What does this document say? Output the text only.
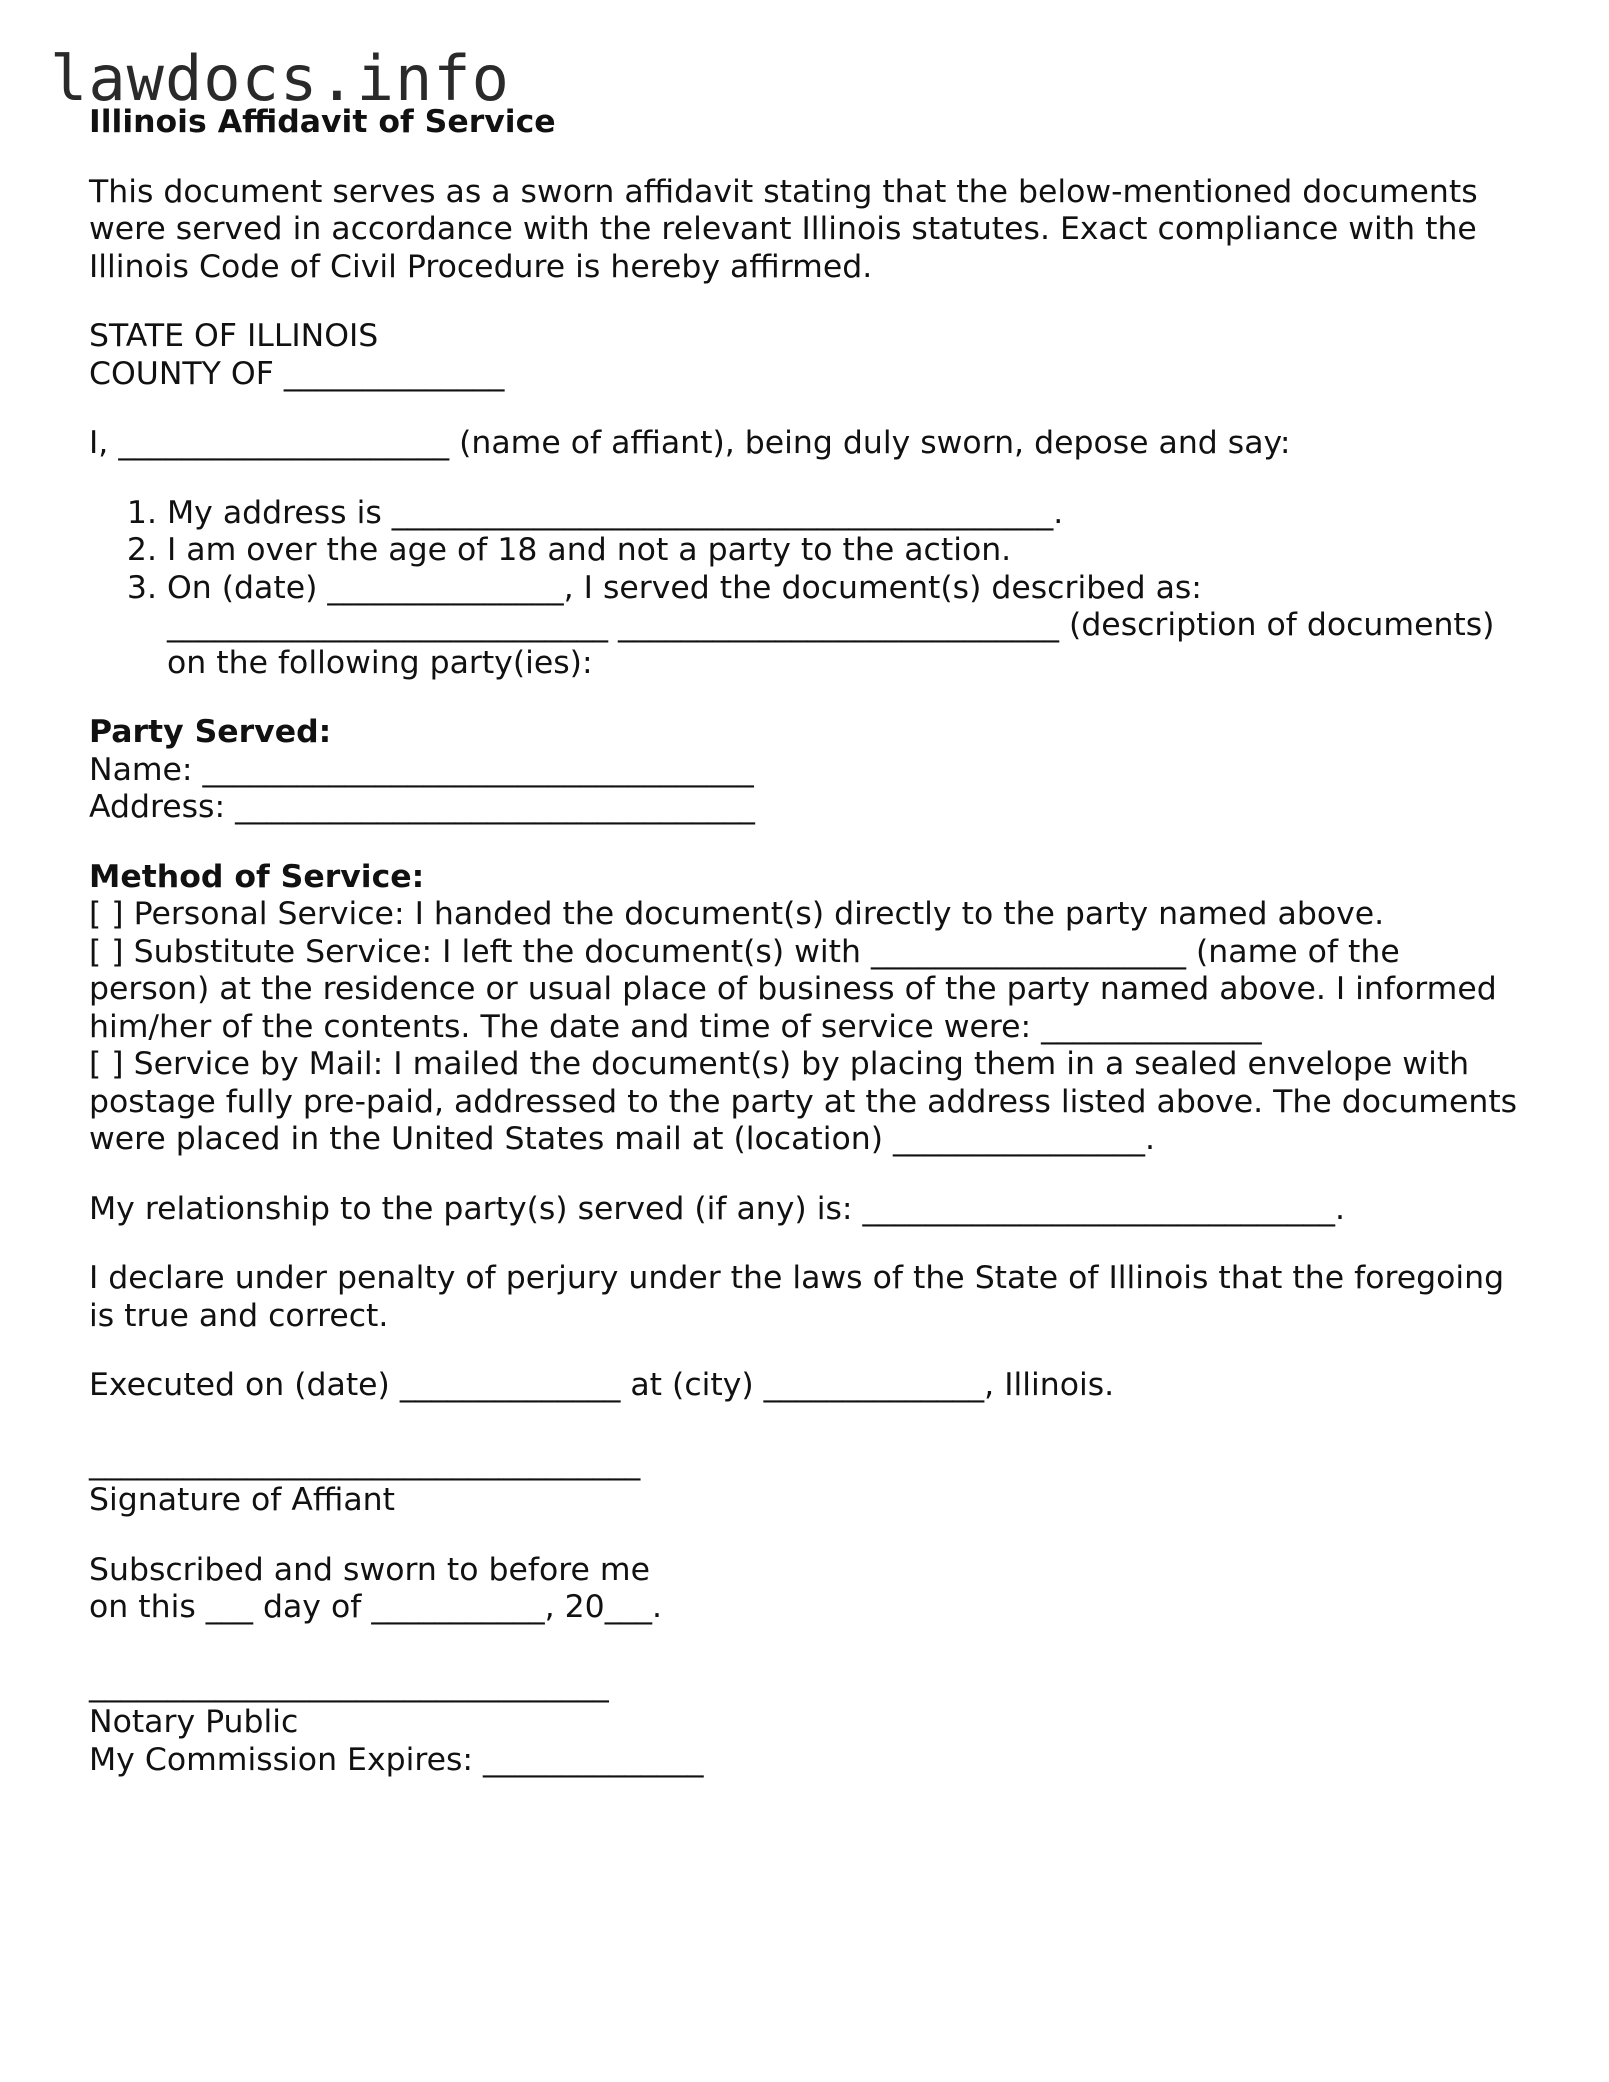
lawdocs.info
Illinois Affidavit of Service

This document serves as a sworn affidavit stating that the below-mentioned documents were served in accordance with the relevant Illinois statutes. Exact compliance with the Illinois Code of Civil Procedure is hereby affirmed.

STATE OF ILLINOIS
COUNTY OF ______________

I, _____________________ (name of affiant), being duly sworn, depose and say:

1. My address is __________________________________________.
2. I am over the age of 18 and not a party to the action.
3. On (date) _______________, I served the document(s) described as: ____________________________ ____________________________ (description of documents) on the following party(ies):

Party Served:
Name: ___________________________________
Address: _________________________________

Method of Service:
[ ] Personal Service: I handed the document(s) directly to the party named above.
[ ] Substitute Service: I left the document(s) with ____________________ (name of the person) at the residence or usual place of business of the party named above. I informed him/her of the contents. The date and time of service were: ______________
[ ] Service by Mail: I mailed the document(s) by placing them in a sealed envelope with postage fully pre-paid, addressed to the party at the address listed above. The documents were placed in the United States mail at (location) ________________.

My relationship to the party(s) served (if any) is: ______________________________.

I declare under penalty of perjury under the laws of the State of Illinois that the foregoing is true and correct.

Executed on (date) ______________ at (city) ______________, Illinois.

___________________________________
Signature of Affiant

Subscribed and sworn to before me
on this ___ day of ___________, 20___.

_________________________________
Notary Public
My Commission Expires: ______________
